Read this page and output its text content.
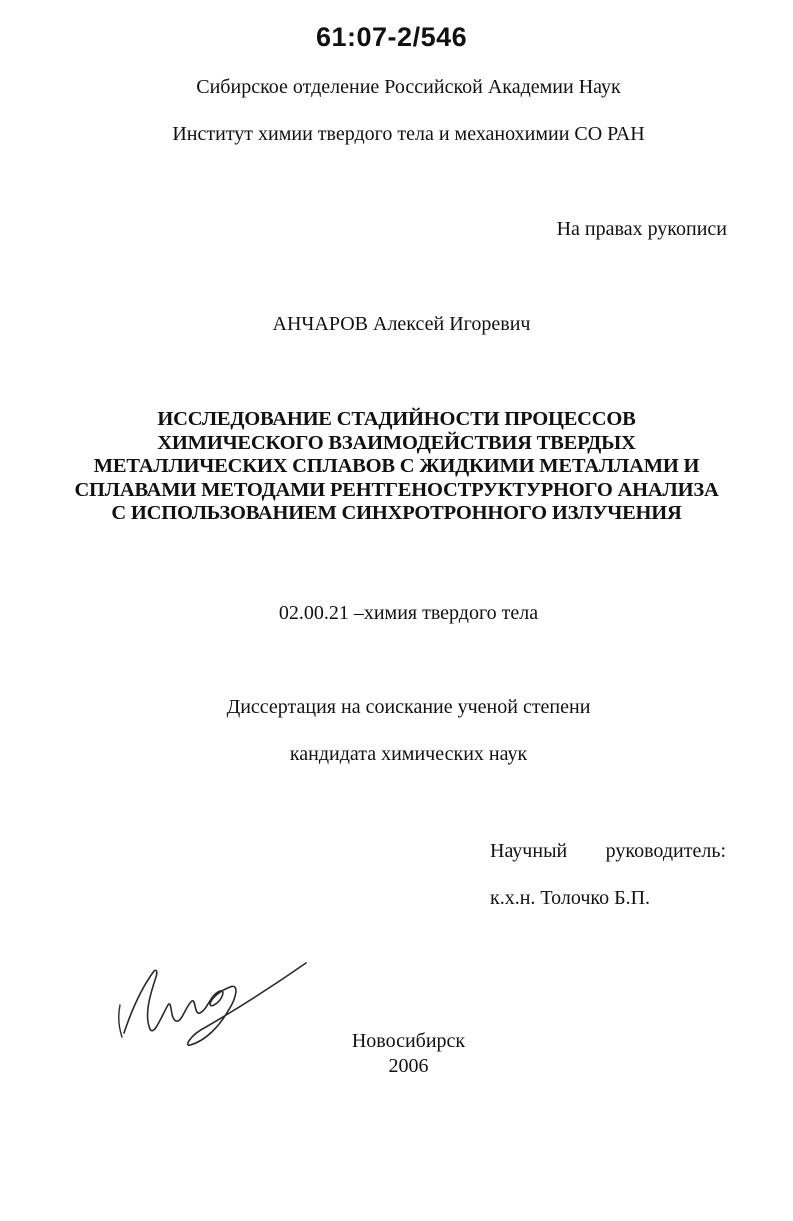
61:07-2/546
Сибирское отделение Российской Академии Наук
Институт химии твердого тела и механохимии СО РАН
На правах рукописи
АНЧАРОВ Алексей Игоревич
ИССЛЕДОВАНИЕ СТАДИЙНОСТИ ПРОЦЕССОВ
ХИМИЧЕСКОГО ВЗАИМОДЕЙСТВИЯ ТВЕРДЫХ
МЕТАЛЛИЧЕСКИХ СПЛАВОВ С ЖИДКИМИ МЕТАЛЛАМИ И
СПЛАВАМИ МЕТОДАМИ РЕНТГЕНОСТРУКТУРНОГО АНАЛИЗА
С ИСПОЛЬЗОВАНИЕМ СИНХРОТРОННОГО ИЗЛУЧЕНИЯ
02.00.21 –химия твердого тела
Диссертация на соискание ученой степени
кандидата химических наук
Научный руководитель:
к.х.н. Толочко Б.П.
Новосибирск
2006
